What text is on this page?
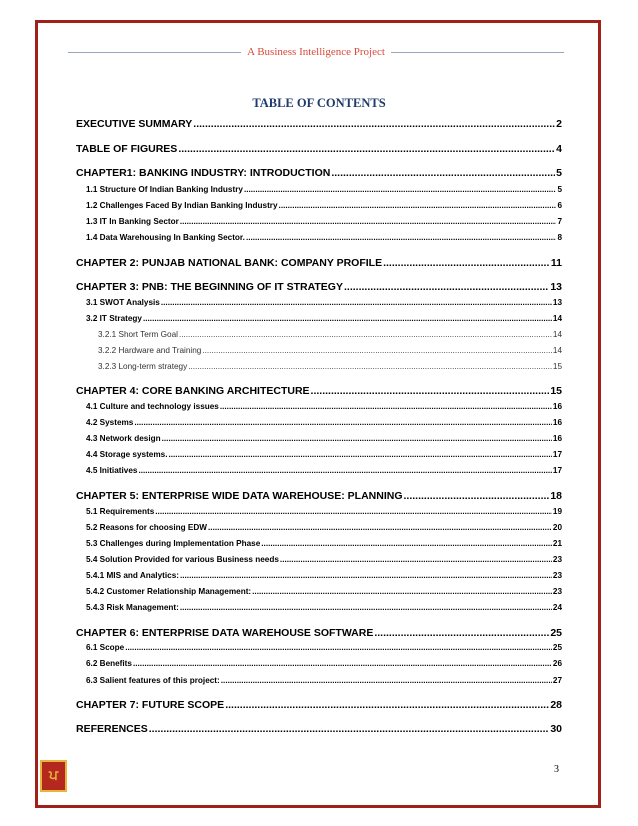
A Business Intelligence Project
TABLE OF CONTENTS
EXECUTIVE SUMMARY .....	2
TABLE OF FIGURES .....	4
CHAPTER1: BANKING INDUSTRY: INTRODUCTION .....	5
1.1 Structure Of Indian Banking Industry .....	5
1.2 Challenges Faced By Indian Banking Industry .....	6
1.3 IT In Banking Sector .....	7
1.4 Data Warehousing In Banking Sector. .....	8
CHAPTER 2: PUNJAB NATIONAL BANK: COMPANY PROFILE .....	11
CHAPTER 3: PNB: THE BEGINNING OF IT STRATEGY .....	13
3.1 SWOT Analysis .....	13
3.2 IT Strategy .....	14
3.2.1 Short Term Goal .....	14
3.2.2 Hardware and Training .....	14
3.2.3 Long-term strategy .....	15
CHAPTER 4: CORE BANKING ARCHITECTURE .....	15
4.1 Culture and technology issues .....	16
4.2 Systems .....	16
4.3 Network design .....	16
4.4 Storage systems. .....	17
4.5 Initiatives .....	17
CHAPTER 5: ENTERPRISE WIDE DATA WAREHOUSE: PLANNING .....	18
5.1 Requirements .....	19
5.2 Reasons for choosing EDW .....	20
5.3 Challenges during Implementation Phase .....	21
5.4 Solution Provided for various Business needs .....	23
5.4.1 MIS and Analytics: .....	23
5.4.2 Customer Relationship Management: .....	23
5.4.3 Risk Management: .....	24
CHAPTER 6: ENTERPRISE DATA WAREHOUSE SOFTWARE .....	25
6.1 Scope .....	25
6.2 Benefits .....	26
6.3 Salient features of this project: .....	27
CHAPTER 7: FUTURE SCOPE .....	28
REFERENCES .....	30
ਪ	3
